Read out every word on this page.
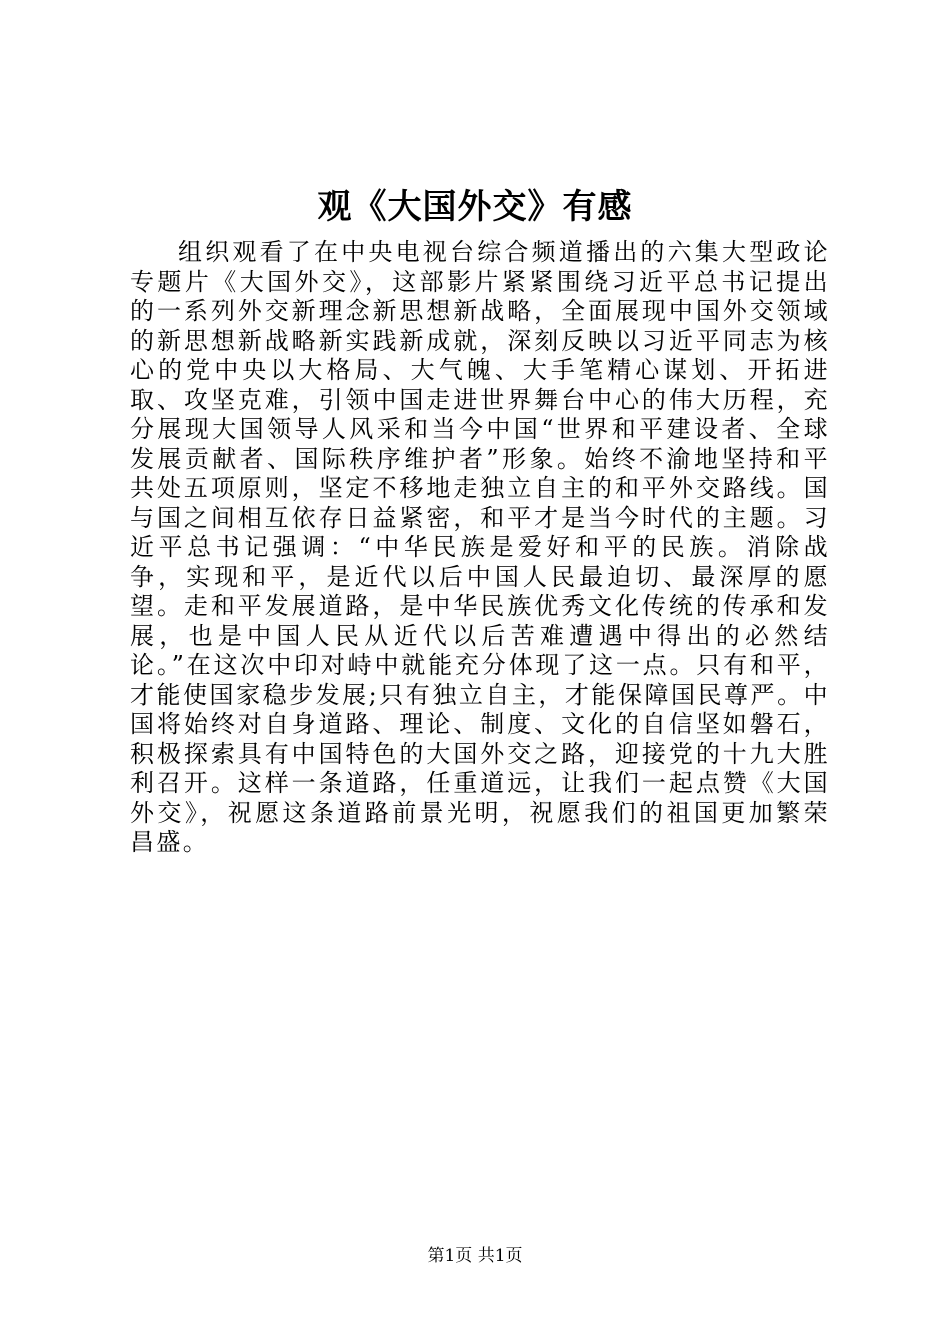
观《大国外交》有感

组织观看了在中央电视台综合频道播出的六集大型政论专题片《大国外交》，这部影片紧紧围绕习近平总书记提出的一系列外交新理念新思想新战略，全面展现中国外交领域的新思想新战略新实践新成就，深刻反映以习近平同志为核心的党中央以大格局、大气魄、大手笔精心谋划、开拓进取、攻坚克难，引领中国走进世界舞台中心的伟大历程，充分展现大国领导人风采和当今中国“世界和平建设者、全球发展贡献者、国际秩序维护者”形象。始终不渝地坚持和平共处五项原则，坚定不移地走独立自主的和平外交路线。国与国之间相互依存日益紧密，和平才是当今时代的主题。习近平总书记强调：“中华民族是爱好和平的民族。消除战争，实现和平，是近代以后中国人民最迫切、最深厚的愿望。走和平发展道路，是中华民族优秀文化传统的传承和发展，也是中国人民从近代以后苦难遭遇中得出的必然结论。”在这次中印对峙中就能充分体现了这一点。只有和平，才能使国家稳步发展;只有独立自主，才能保障国民尊严。中国将始终对自身道路、理论、制度、文化的自信坚如磐石，积极探索具有中国特色的大国外交之路，迎接党的十九大胜利召开。这样一条道路，任重道远，让我们一起点赞《大国外交》，祝愿这条道路前景光明，祝愿我们的祖国更加繁荣昌盛。

第1页 共1页
